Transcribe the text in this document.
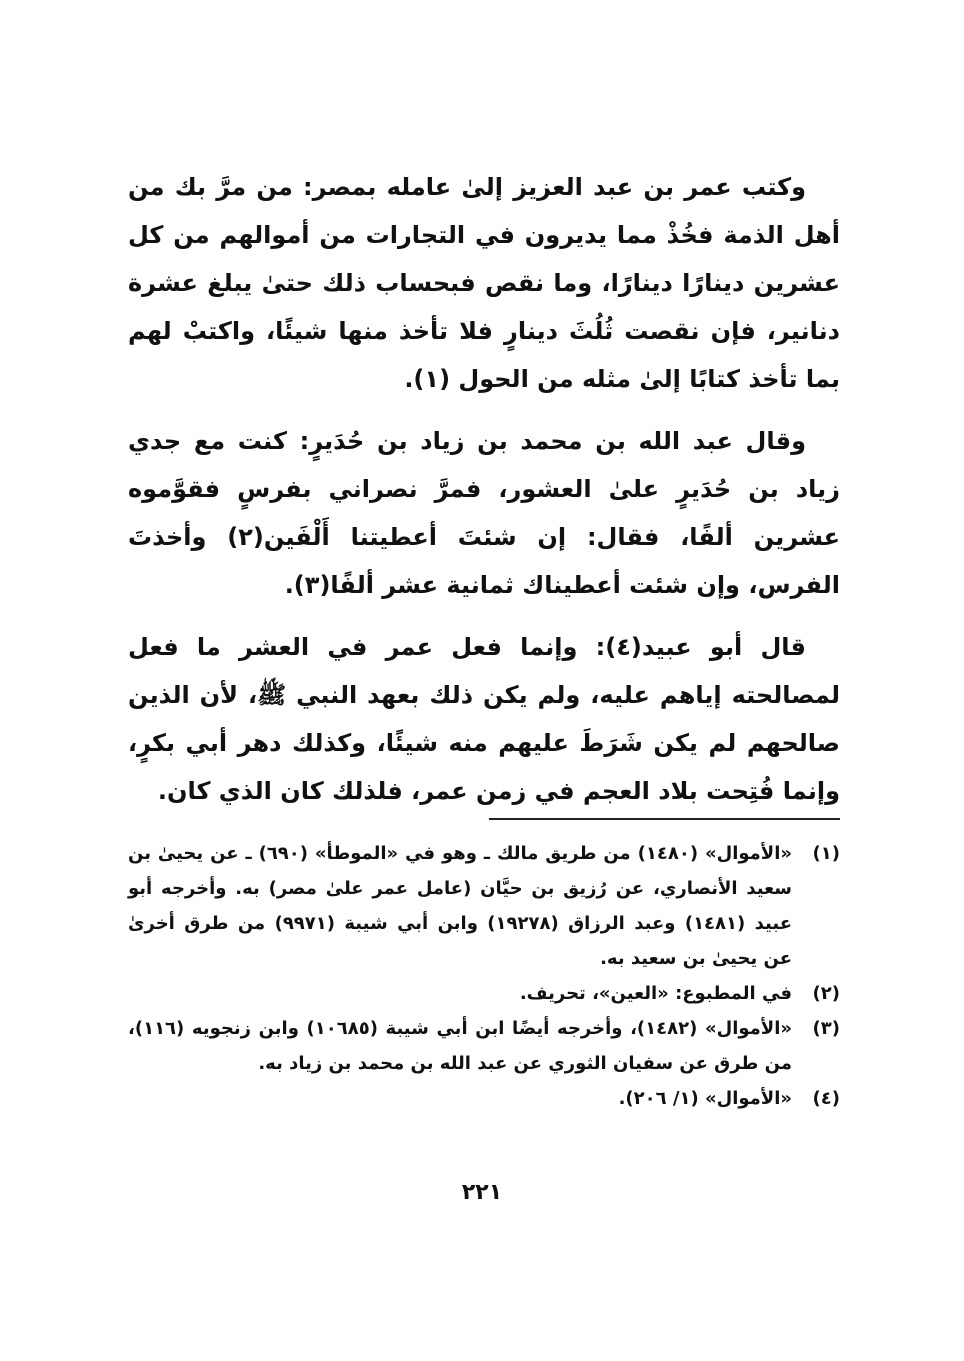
وكتب عمر بن عبد العزيز إلىٰ عامله بمصر: من مرَّ بك من أهل الذمة فخُذْ مما يديرون في التجارات من أموالهم من كل عشرين دينارًا دينارًا، وما نقص فبحساب ذلك حتىٰ يبلغ عشرة دنانير، فإن نقصت ثُلُثَ دينارٍ فلا تأخذ منها شيئًا، واكتبْ لهم بما تأخذ كتابًا إلىٰ مثله من الحول (١).

وقال عبد الله بن محمد بن زياد بن حُدَيرٍ: كنت مع جدي زياد بن حُدَيرٍ علىٰ العشور، فمرَّ نصراني بفرسٍ فقوَّموه عشرين ألفًا، فقال: إن شئتَ أعطيتنا أَلْفَين(٢) وأخذتَ الفرس، وإن شئت أعطيناك ثمانية عشر ألفًا(٣).

قال أبو عبيد(٤): وإنما فعل عمر في العشر ما فعل لمصالحته إياهم عليه، ولم يكن ذلك بعهد النبي ﷺ، لأن الذين صالحهم لم يكن شَرَطَ عليهم منه شيئًا، وكذلك دهر أبي بكرٍ، وإنما فُتِحت بلاد العجم في زمن عمر، فلذلك كان الذي كان.

(١)
«الأموال» (١٤٨٠) من طريق مالك ـ وهو في «الموطأ» (٦٩٠) ـ عن يحيىٰ بن سعيد الأنصاري، عن رُزيق بن حيَّان (عامل عمر علىٰ مصر) به. وأخرجه أبو عبيد (١٤٨١) وعبد الرزاق (١٩٢٧٨) وابن أبي شيبة (٩٩٧١) من طرق أخرىٰ عن يحيىٰ بن سعيد به.
(٢)
في المطبوع: «العين»، تحريف.
(٣)
«الأموال» (١٤٨٢)، وأخرجه أيضًا ابن أبي شيبة (١٠٦٨٥) وابن زنجويه (١١٦)، من طرق عن سفيان الثوري عن عبد الله بن محمد بن زياد به.
(٤)
«الأموال» (١/ ٢٠٦).
٢٢١
